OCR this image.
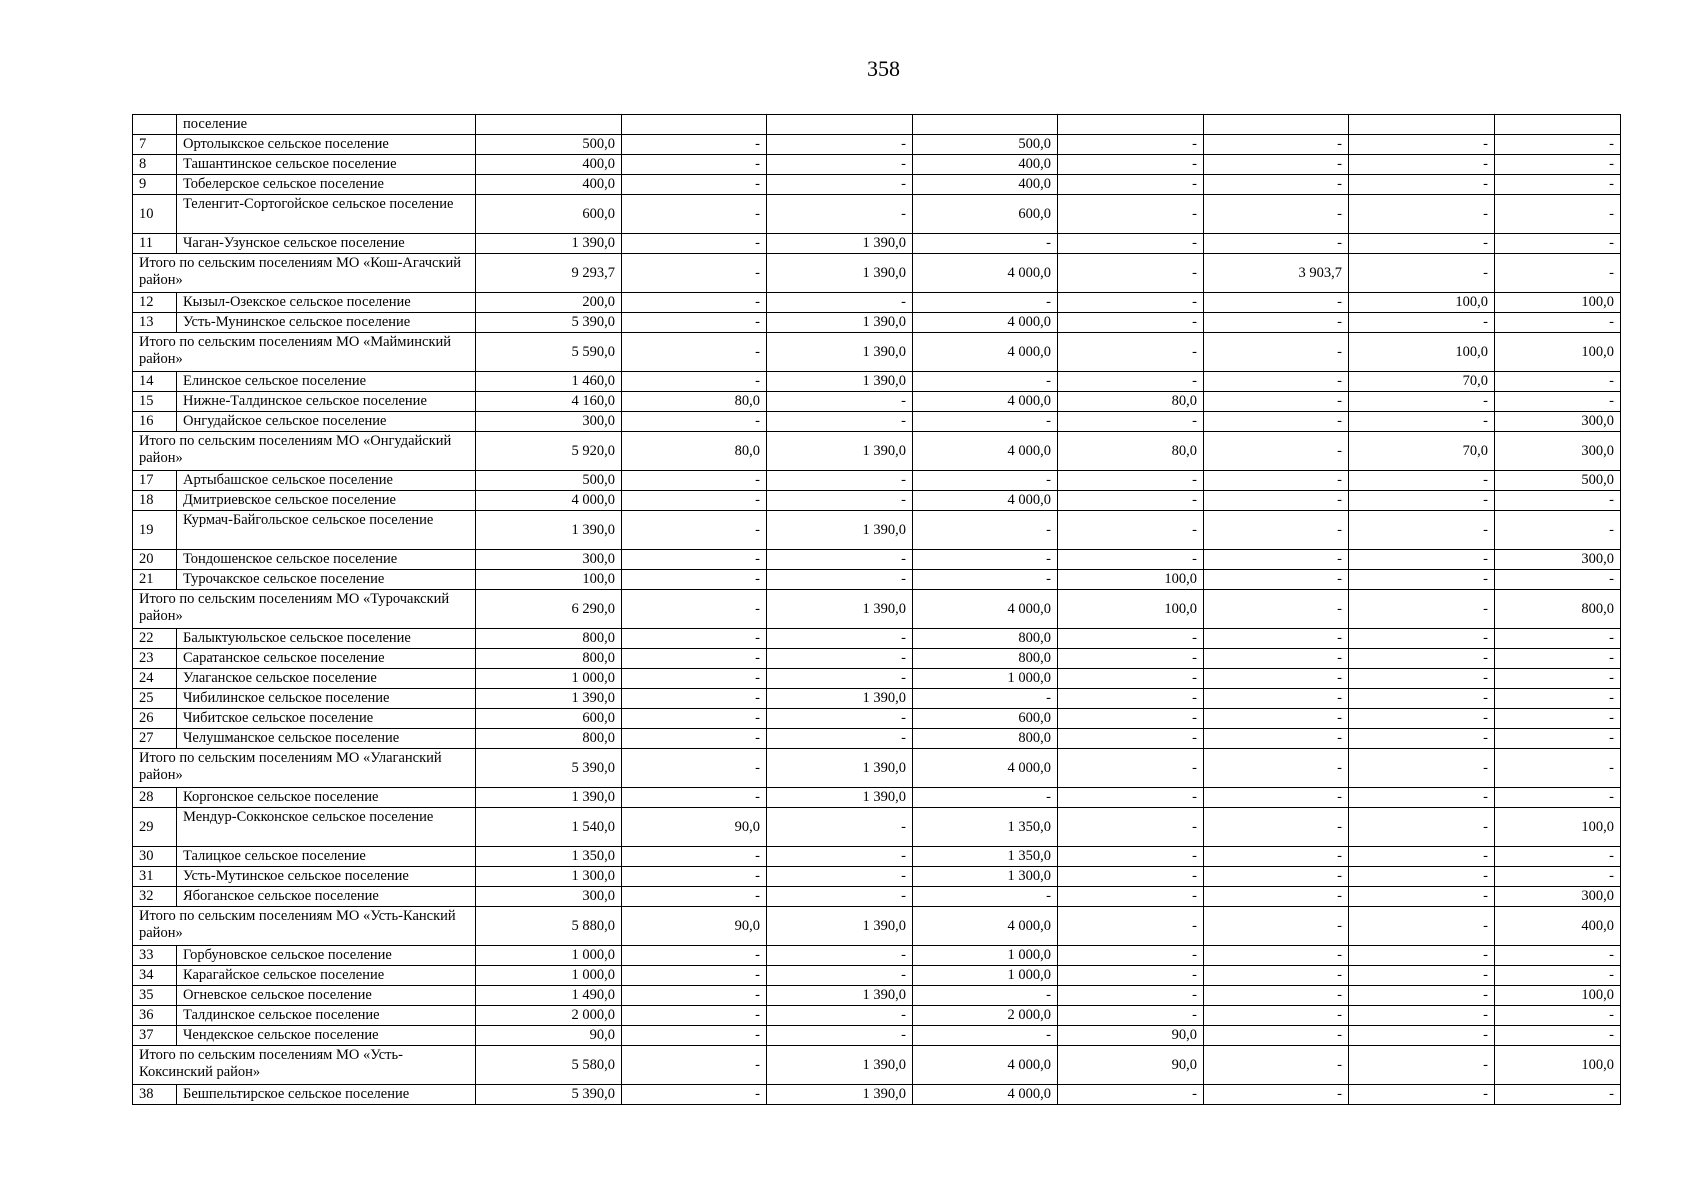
358
	поселение								
7	Ортолыкское сельское поселение	500,0	-	-	500,0	-	-	-	-
8	Ташантинское сельское поселение	400,0	-	-	400,0	-	-	-	-
9	Тобелерское сельское поселение	400,0	-	-	400,0	-	-	-	-
10	Теленгит-Сортогойское сельское поселение	600,0	-	-	600,0	-	-	-	-
11	Чаган-Узунское сельское поселение	1 390,0	-	1 390,0	-	-	-	-	-
Итого по сельским поселениям МО «Кош-Агачский район»		9 293,7	-	1 390,0	4 000,0	-	3 903,7	-	-
12	Кызыл-Озекское сельское поселение	200,0	-	-	-	-	-	100,0	100,0
13	Усть-Мунинское сельское поселение	5 390,0	-	1 390,0	4 000,0	-	-	-	-
Итого по сельским поселениям МО «Майминский район»		5 590,0	-	1 390,0	4 000,0	-	-	100,0	100,0
14	Елинское сельское поселение	1 460,0	-	1 390,0	-	-	-	70,0	-
15	Нижне-Талдинское сельское поселение	4 160,0	80,0	-	4 000,0	80,0	-	-	-
16	Онгудайское сельское поселение	300,0	-	-	-	-	-	-	300,0
Итого по сельским поселениям МО «Онгудайский район»		5 920,0	80,0	1 390,0	4 000,0	80,0	-	70,0	300,0
17	Артыбашское сельское поселение	500,0	-	-	-	-	-	-	500,0
18	Дмитриевское сельское поселение	4 000,0	-	-	4 000,0	-	-	-	-
19	Курмач-Байгольское сельское поселение	1 390,0	-	1 390,0	-	-	-	-	-
20	Тондошенское сельское поселение	300,0	-	-	-	-	-	-	300,0
21	Турочакское сельское поселение	100,0	-	-	-	100,0	-	-	-
Итого по сельским поселениям МО «Турочакский район»		6 290,0	-	1 390,0	4 000,0	100,0	-	-	800,0
22	Балыктуюльское сельское поселение	800,0	-	-	800,0	-	-	-	-
23	Саратанское сельское поселение	800,0	-	-	800,0	-	-	-	-
24	Улаганское сельское поселение	1 000,0	-	-	1 000,0	-	-	-	-
25	Чибилинское сельское поселение	1 390,0	-	1 390,0	-	-	-	-	-
26	Чибитское сельское поселение	600,0	-	-	600,0	-	-	-	-
27	Челушманское сельское поселение	800,0	-	-	800,0	-	-	-	-
Итого по сельским поселениям МО «Улаганский район»		5 390,0	-	1 390,0	4 000,0	-	-	-	-
28	Коргонское сельское поселение	1 390,0	-	1 390,0	-	-	-	-	-
29	Мендур-Сокконское сельское поселение	1 540,0	90,0	-	1 350,0	-	-	-	100,0
30	Талицкое сельское поселение	1 350,0	-	-	1 350,0	-	-	-	-
31	Усть-Мутинское сельское поселение	1 300,0	-	-	1 300,0	-	-	-	-
32	Ябоганское сельское поселение	300,0	-	-	-	-	-	-	300,0
Итого по сельским поселениям МО «Усть-Канский район»		5 880,0	90,0	1 390,0	4 000,0	-	-	-	400,0
33	Горбуновское сельское поселение	1 000,0	-	-	1 000,0	-	-	-	-
34	Карагайское сельское поселение	1 000,0	-	-	1 000,0	-	-	-	-
35	Огневское сельское поселение	1 490,0	-	1 390,0	-	-	-	-	100,0
36	Талдинское сельское поселение	2 000,0	-	-	2 000,0	-	-	-	-
37	Чендекское сельское поселение	90,0	-	-	-	90,0	-	-	-
Итого по сельским поселениям МО «Усть-Коксинский район»		5 580,0	-	1 390,0	4 000,0	90,0	-	-	100,0
38	Бешпельтирское сельское поселение	5 390,0	-	1 390,0	4 000,0	-	-	-	-
